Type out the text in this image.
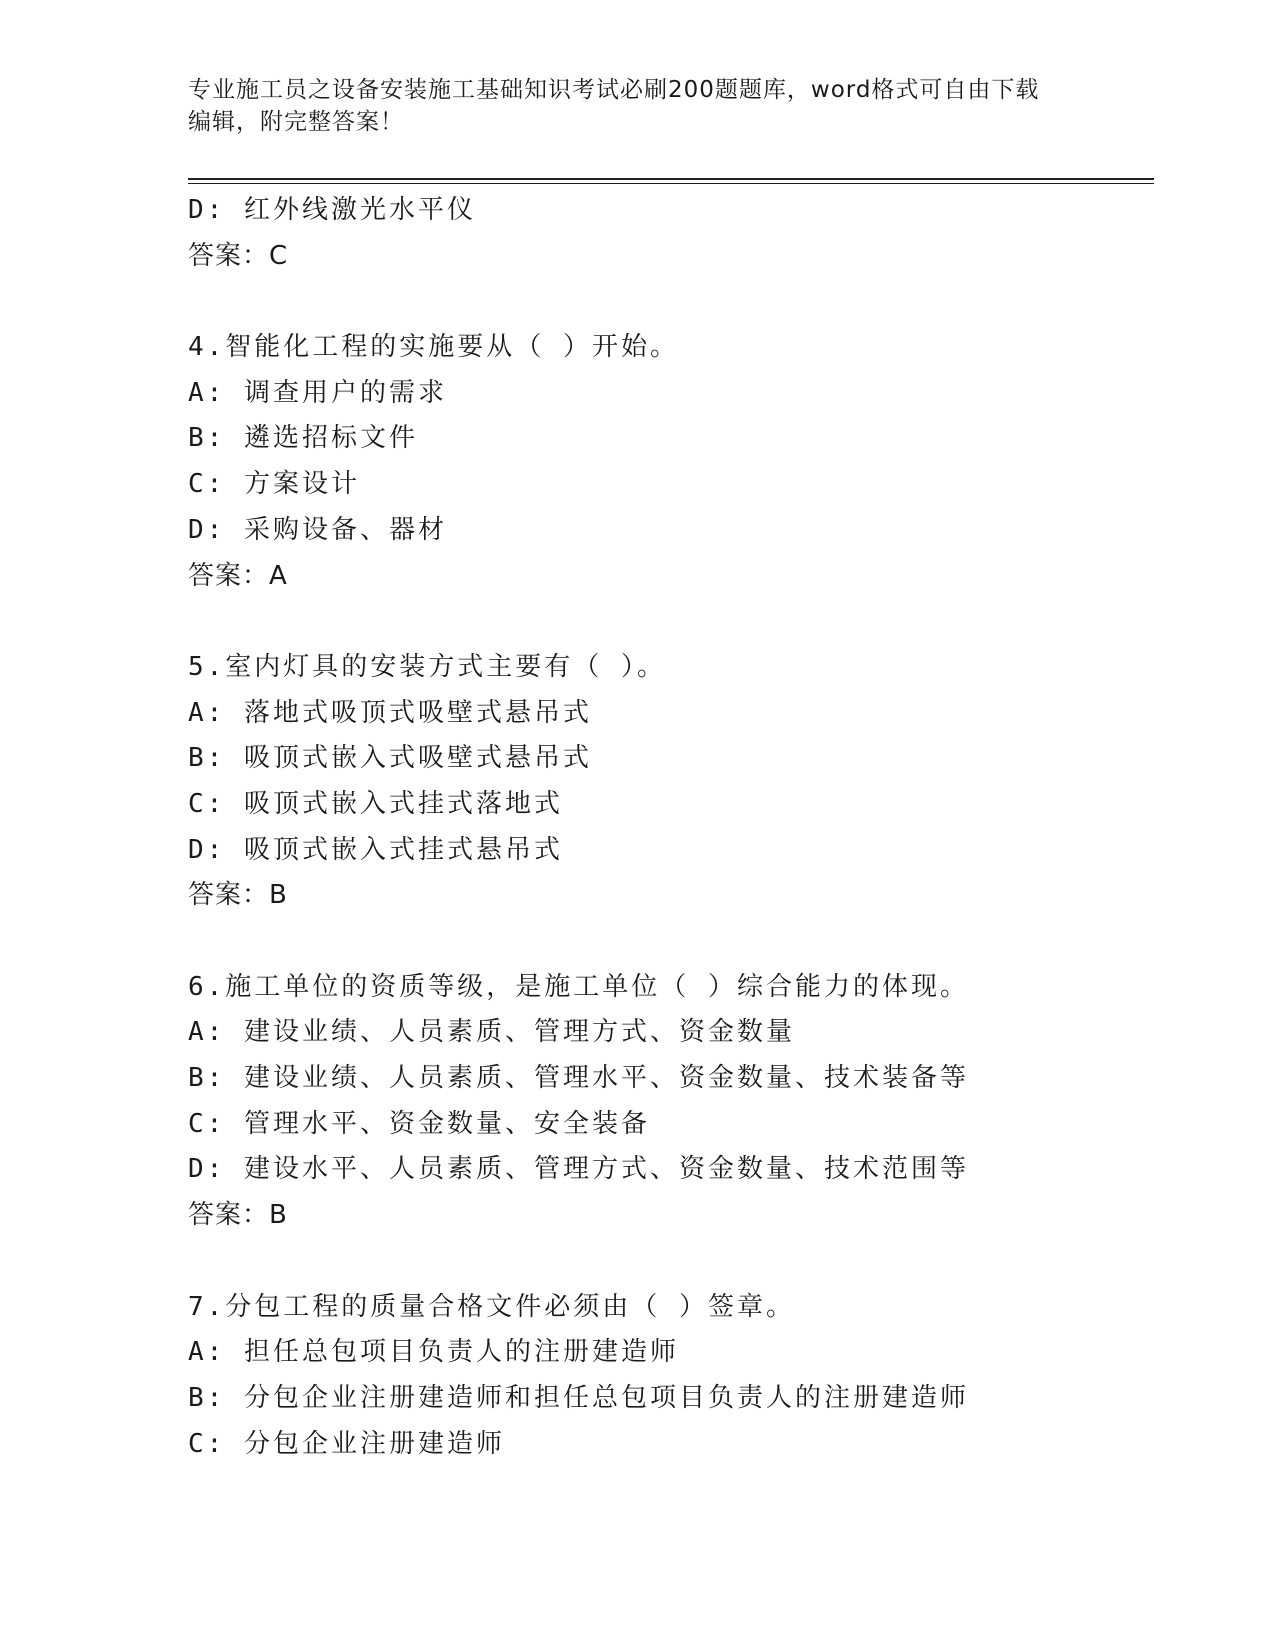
专业施工员之设备安装施工基础知识考试必刷200题题库，word格式可自由下载
编辑，附完整答案！
D: 红外线激光水平仪
答案：C
4.智能化工程的实施要从（ ）开始。
A: 调查用户的需求
B: 遴选招标文件
C: 方案设计
D: 采购设备、器材
答案：A
5.室内灯具的安装方式主要有（ ）。
A: 落地式吸顶式吸壁式悬吊式
B: 吸顶式嵌入式吸壁式悬吊式
C: 吸顶式嵌入式挂式落地式
D: 吸顶式嵌入式挂式悬吊式
答案：B
6.施工单位的资质等级，是施工单位（ ）综合能力的体现。
A: 建设业绩、人员素质、管理方式、资金数量
B: 建设业绩、人员素质、管理水平、资金数量、技术装备等
C: 管理水平、资金数量、安全装备
D: 建设水平、人员素质、管理方式、资金数量、技术范围等
答案：B
7.分包工程的质量合格文件必须由（ ）签章。
A: 担任总包项目负责人的注册建造师
B: 分包企业注册建造师和担任总包项目负责人的注册建造师
C: 分包企业注册建造师
